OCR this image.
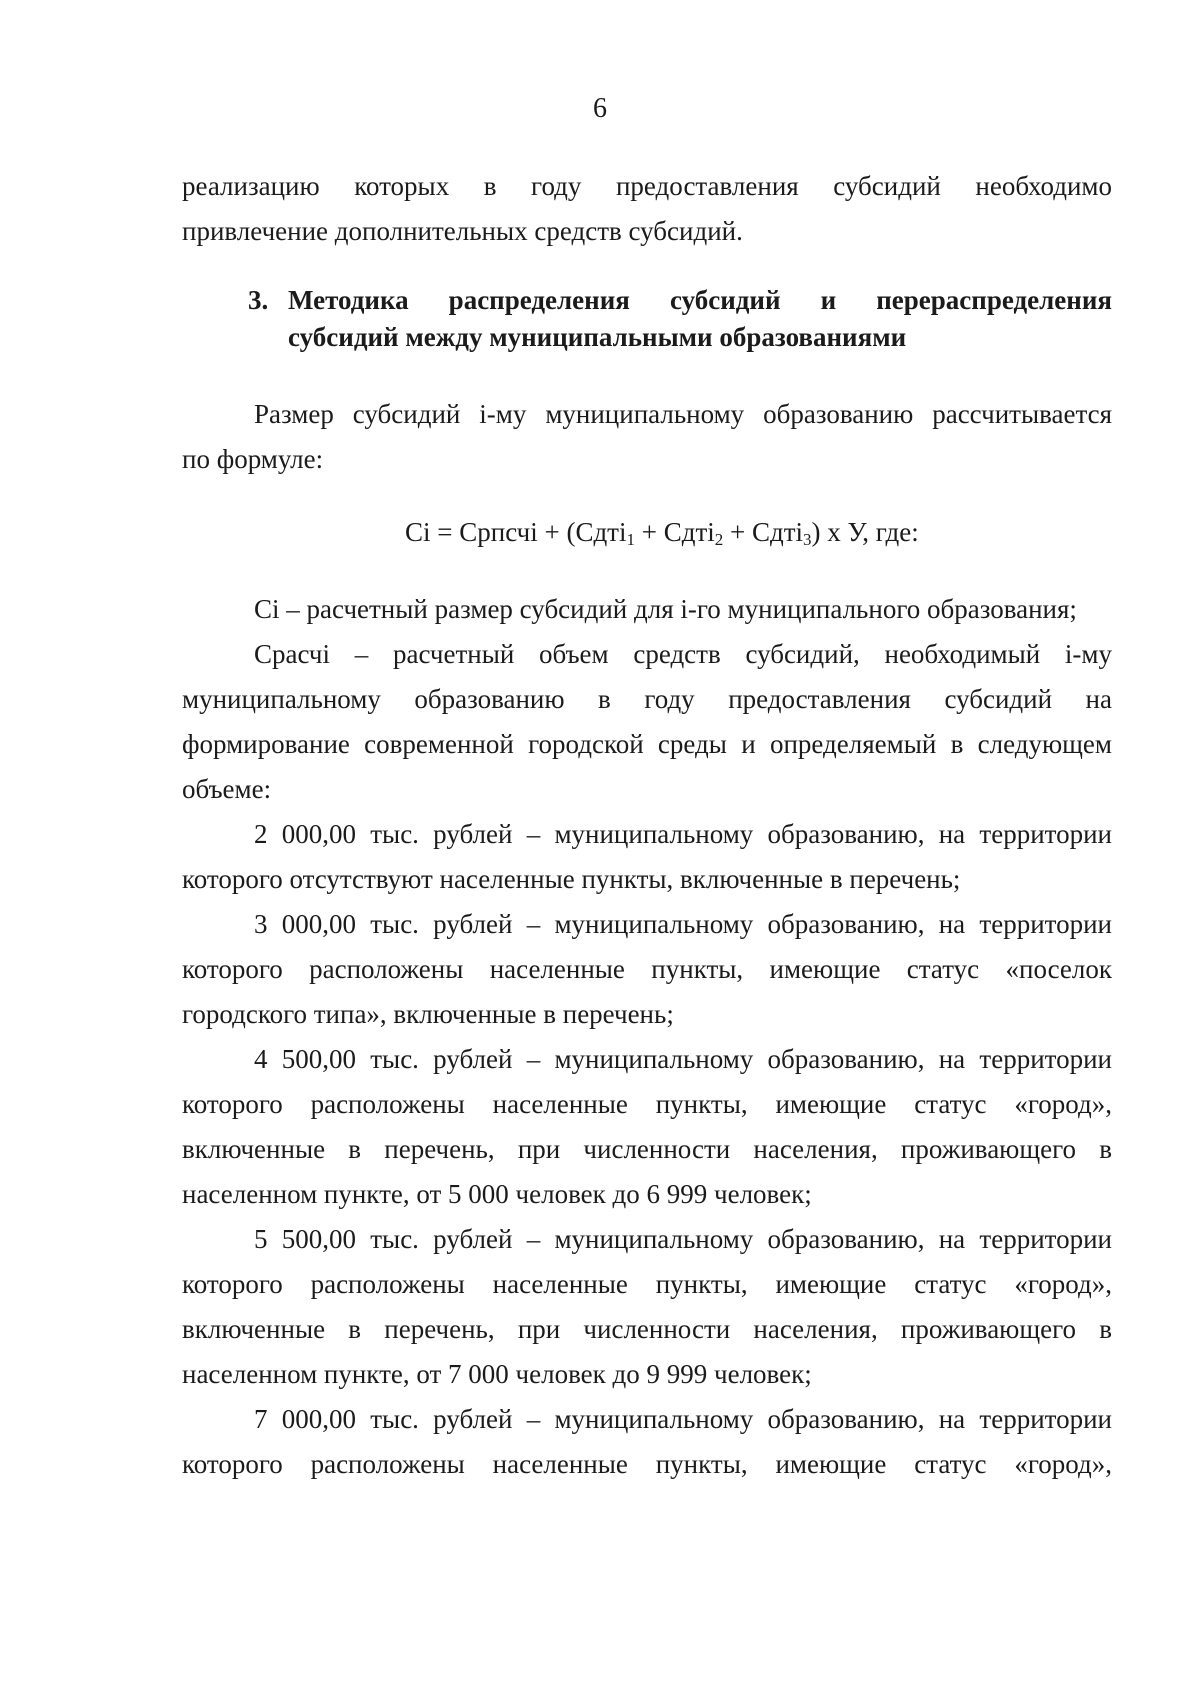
6

реализацию которых в году предоставления субсидий необходимо

привлечение дополнительных средств субсидий.

3. Методика распределения субсидий и перераспределения
субсидий между муниципальными образованиями

Размер субсидий i-му муниципальному образованию рассчитывается

по формуле:

Ci = Српсчi + (Сдтi$_1$ + Сдтi$_2$ + Сдтi$_3$) х У, где:

Ci – расчетный размер субсидий для i-го муниципального образования;

Срасчi – расчетный объем средств субсидий, необходимый i-му

муниципальному образованию в году предоставления субсидий на

формирование современной городской среды и определяемый в следующем

объеме:

2 000,00 тыс. рублей – муниципальному образованию, на территории

которого отсутствуют населенные пункты, включенные в перечень;

3 000,00 тыс. рублей – муниципальному образованию, на территории

которого расположены населенные пункты, имеющие статус «поселок

городского типа», включенные в перечень;

4 500,00 тыс. рублей – муниципальному образованию, на территории

которого расположены населенные пункты, имеющие статус «город»,

включенные в перечень, при численности населения, проживающего в

населенном пункте, от 5 000 человек до 6 999 человек;

5 500,00 тыс. рублей – муниципальному образованию, на территории

которого расположены населенные пункты, имеющие статус «город»,

включенные в перечень, при численности населения, проживающего в

населенном пункте, от 7 000 человек до 9 999 человек;

7 000,00 тыс. рублей – муниципальному образованию, на территории

которого расположены населенные пункты, имеющие статус «город»,
